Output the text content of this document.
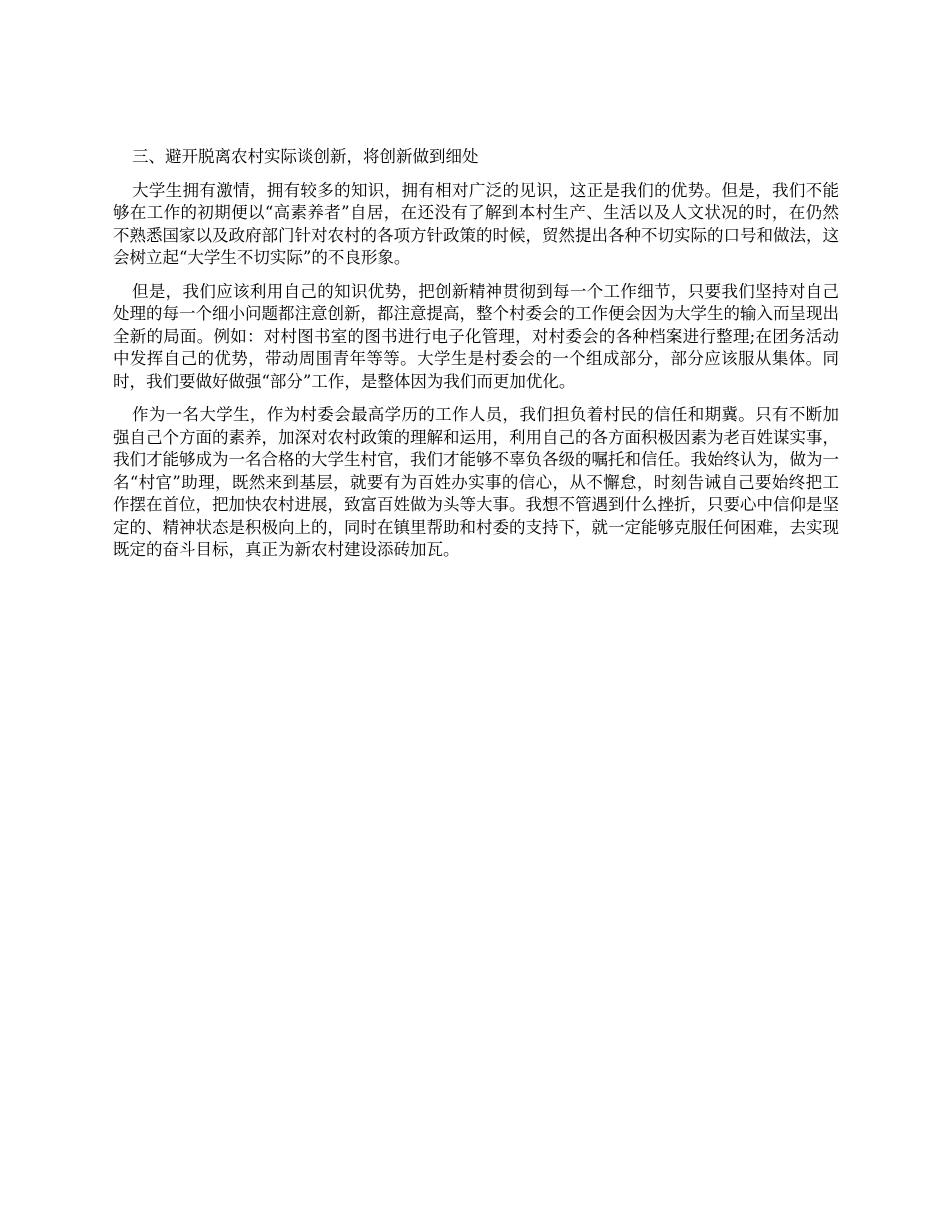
三、避开脱离农村实际谈创新，将创新做到细处

大学生拥有激情，拥有较多的知识，拥有相对广泛的见识，这正是我们的优势。但是，我们不能够在工作的初期便以“高素养者”自居，在还没有了解到本村生产、生活以及人文状况的时，在仍然不熟悉国家以及政府部门针对农村的各项方针政策的时候，贸然提出各种不切实际的口号和做法，这会树立起“大学生不切实际”的不良形象。

但是，我们应该利用自己的知识优势，把创新精神贯彻到每一个工作细节，只要我们坚持对自己处理的每一个细小问题都注意创新，都注意提高，整个村委会的工作便会因为大学生的输入而呈现出全新的局面。例如：对村图书室的图书进行电子化管理，对村委会的各种档案进行整理;在团务活动中发挥自己的优势，带动周围青年等等。大学生是村委会的一个组成部分，部分应该服从集体。同时，我们要做好做强“部分”工作，是整体因为我们而更加优化。

作为一名大学生，作为村委会最高学历的工作人员，我们担负着村民的信任和期冀。只有不断加强自己个方面的素养，加深对农村政策的理解和运用，利用自己的各方面积极因素为老百姓谋实事，我们才能够成为一名合格的大学生村官，我们才能够不辜负各级的嘱托和信任。我始终认为，做为一名“村官”助理，既然来到基层，就要有为百姓办实事的信心，从不懈怠，时刻告诫自己要始终把工作摆在首位，把加快农村进展，致富百姓做为头等大事。我想不管遇到什么挫折，只要心中信仰是坚定的、精神状态是积极向上的，同时在镇里帮助和村委的支持下，就一定能够克服任何困难，去实现既定的奋斗目标，真正为新农村建设添砖加瓦。
